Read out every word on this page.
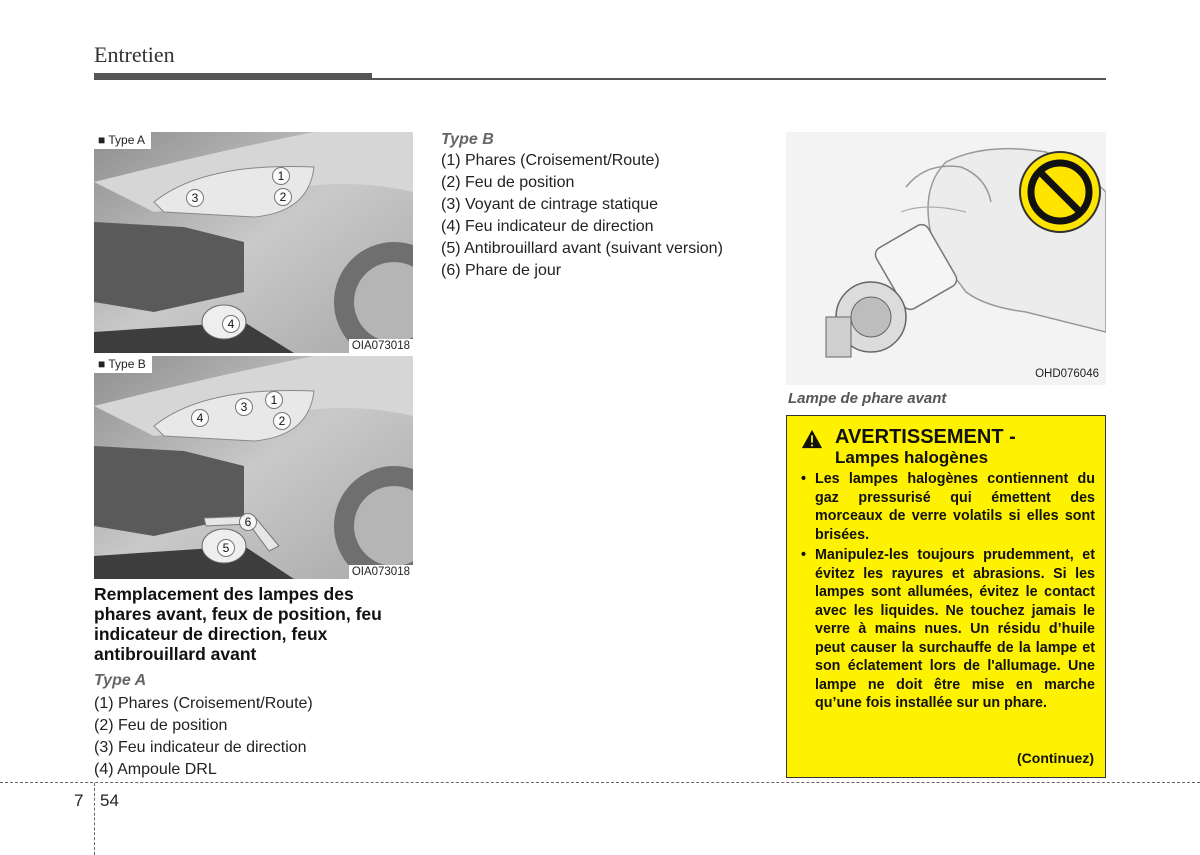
Entretien
■ Type A
1
2
3
4
OIA073018
■ Type B
1
2
3
4
5
6
OIA073018
Remplacement des lampes des phares avant, feux de position, feu indicateur de direction, feux antibrouillard avant
Type A
(1) Phares (Croisement/Route)
(2) Feu de position
(3) Feu indicateur de direction
(4) Ampoule DRL
Type B
(1) Phares (Croisement/Route)
(2) Feu de position
(3) Voyant de cintrage statique
(4) Feu indicateur de direction
(5) Antibrouillard avant (suivant version)
(6) Phare de jour
OHD076046
Lampe de phare avant
AVERTISSEMENT -
Lampes halogènes
• Les lampes halogènes contiennent du gaz pressurisé qui émettent des morceaux de verre volatils si elles sont brisées.
• Manipulez-les toujours prudemment, et évitez les rayures et abrasions. Si les lampes sont allumées, évitez le contact avec les liquides. Ne touchez jamais le verre à mains nues. Un résidu d’huile peut causer la surchauffe de la lampe et son éclatement lors de l'allumage. Une lampe ne doit être mise en marche qu’une fois installée sur un phare.
(Continuez)
7 54
